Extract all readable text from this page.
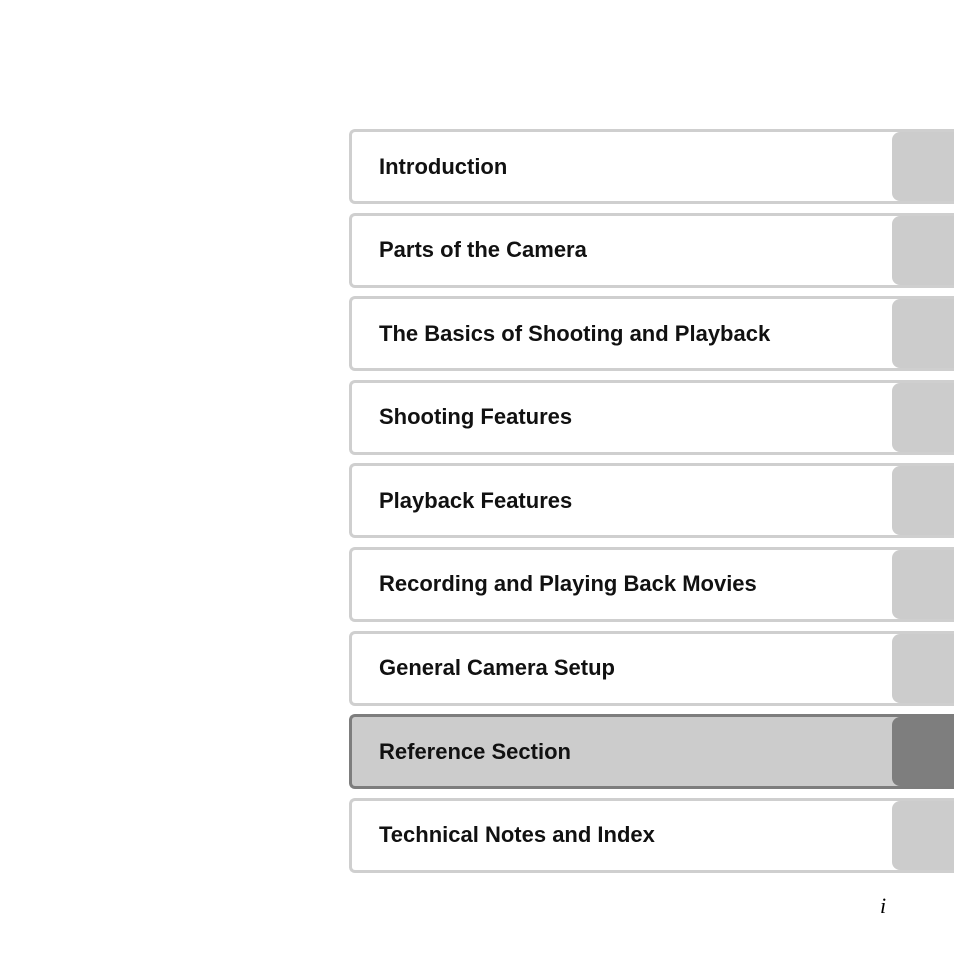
Introduction
Parts of the Camera
The Basics of Shooting and Playback
Shooting Features
Playback Features
Recording and Playing Back Movies
General Camera Setup
Reference Section
Technical Notes and Index
i
